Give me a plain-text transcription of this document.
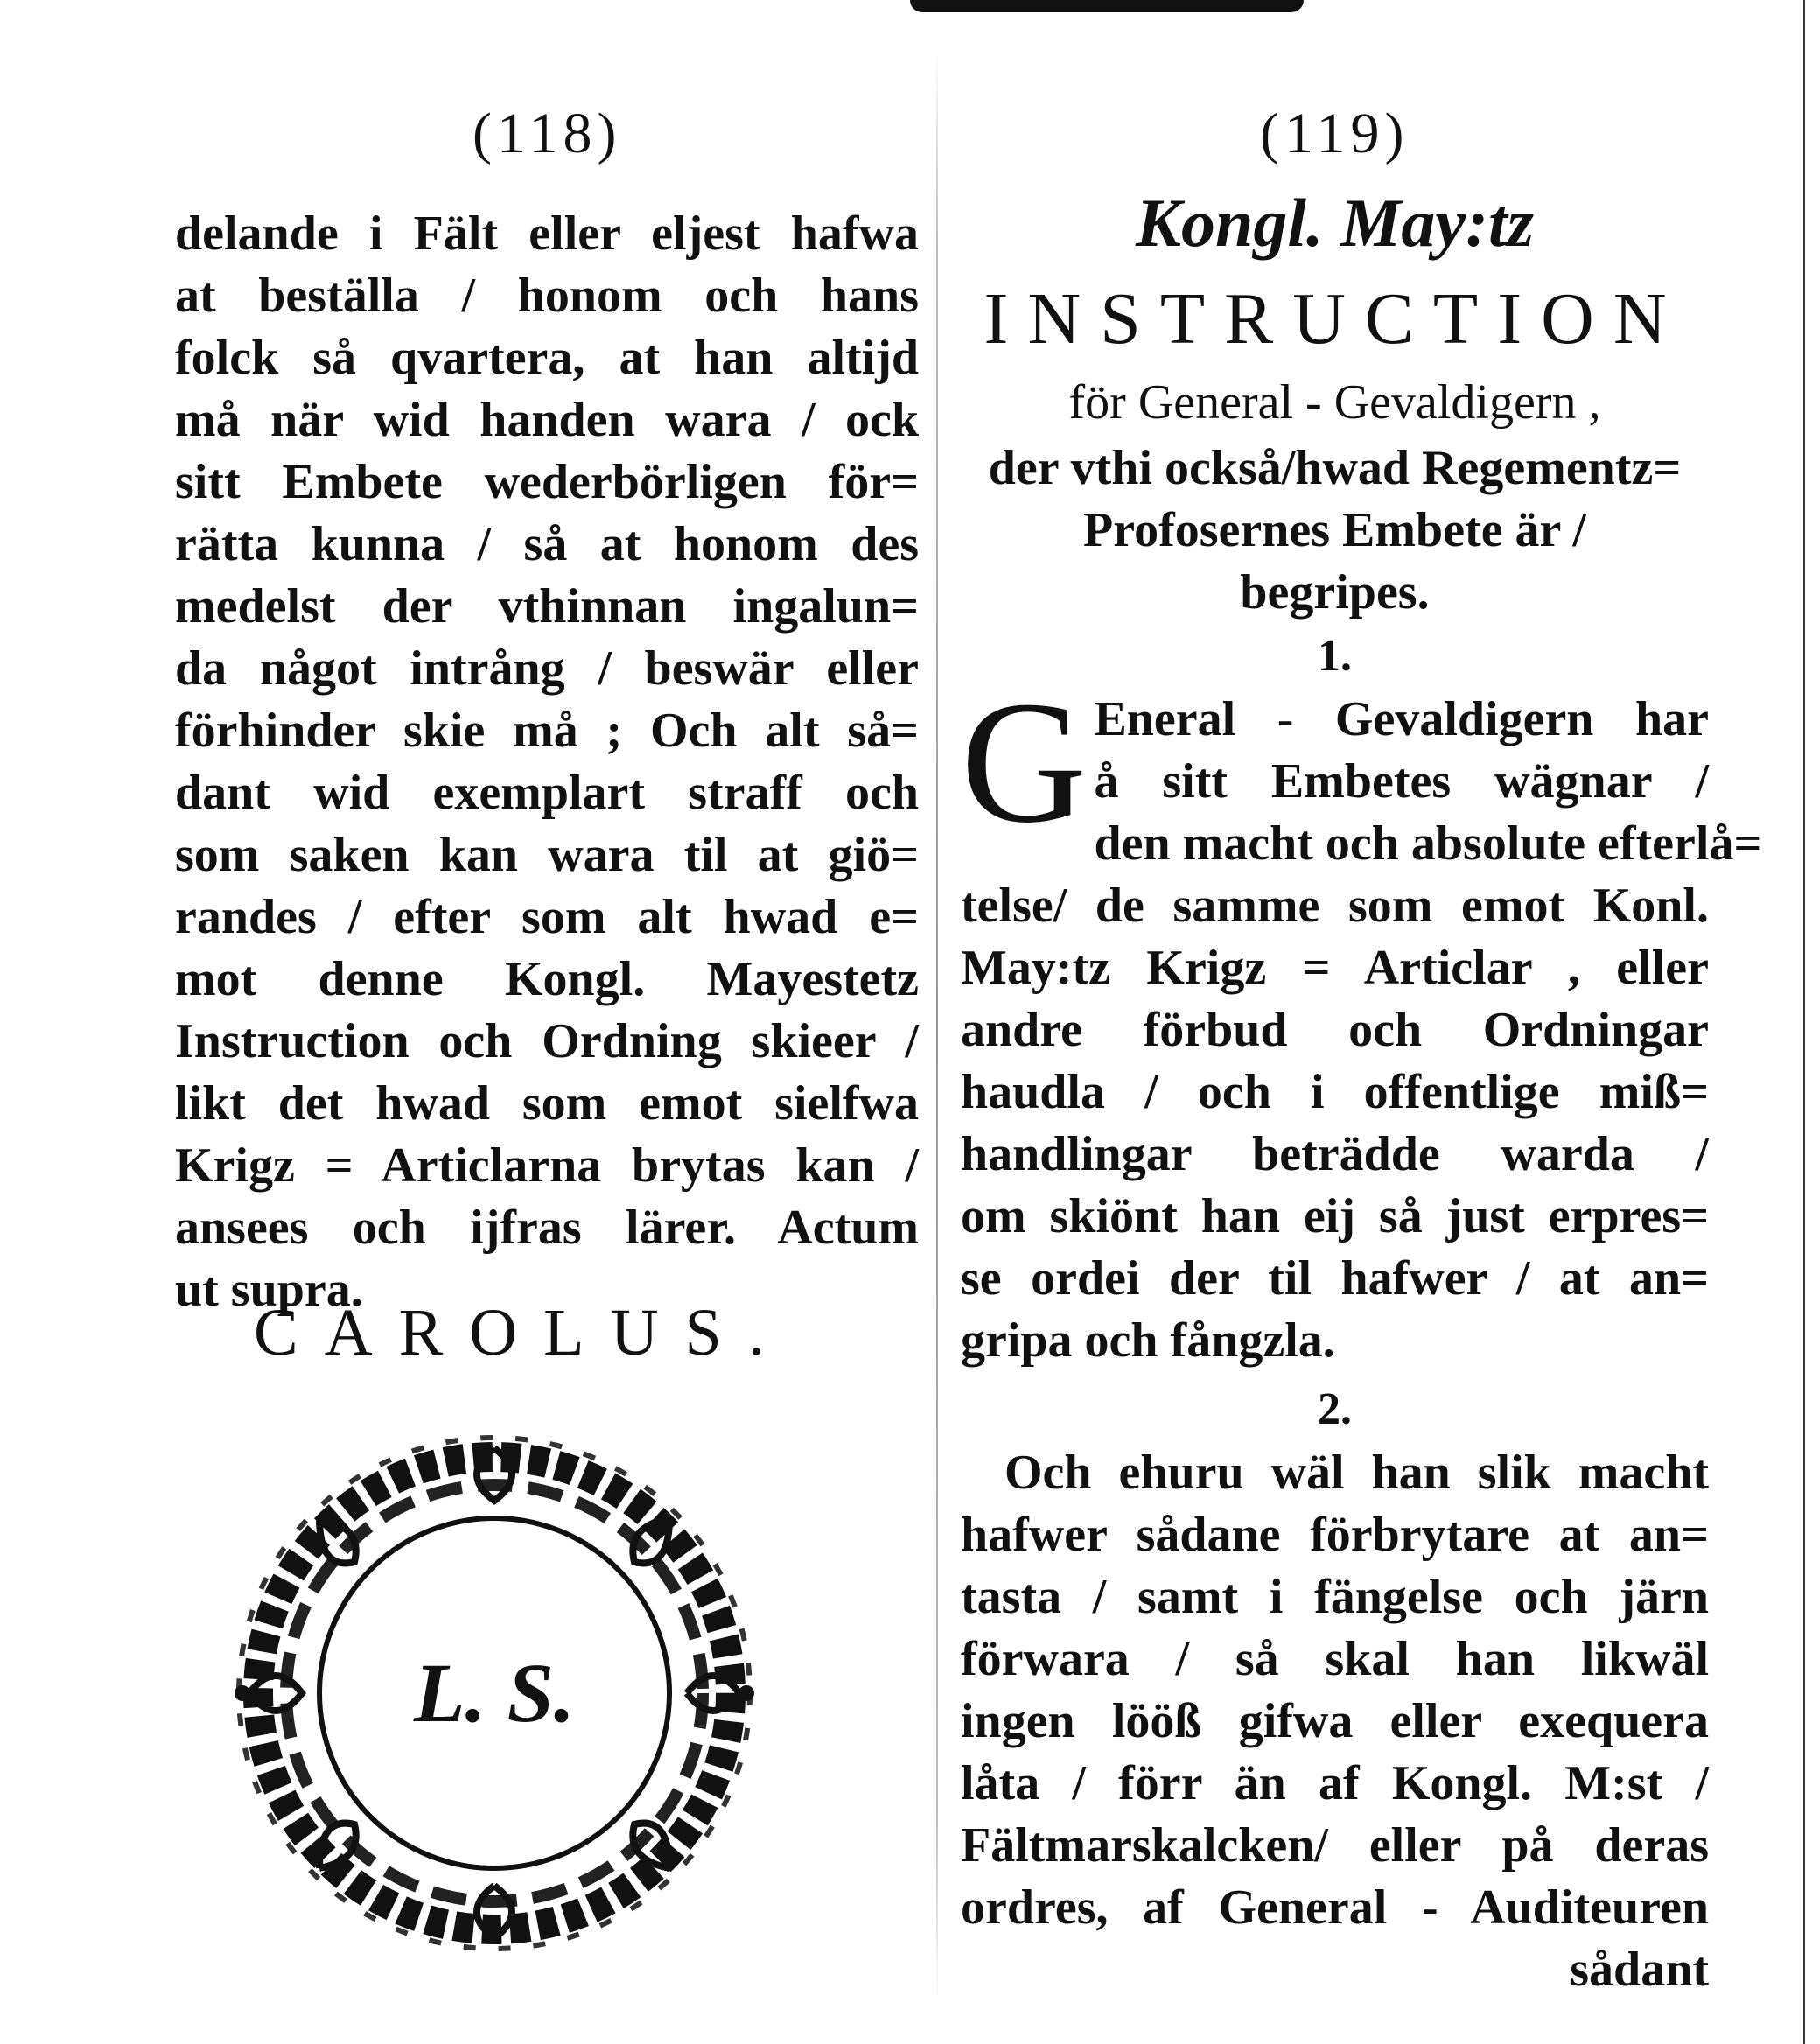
(118)
delande i Fält eller eljest hafwa
at beställa / honom och hans
folck så qvartera, at han altijd
må när wid handen wara / ock
sitt Embete wederbörligen för=
rätta kunna / så at honom des
medelst der vthinnan ingalun=
da något intrång / beswär eller
förhinder skie må ; Och alt så=
dant wid exemplart straff och
som saken kan wara til at giö=
randes / efter som alt hwad e=
mot denne Kongl. Mayestetz
Instruction och Ordning skieer /
likt det hwad som emot sielfwa
Krigz = Articlarna brytas kan /
ansees och ijfras lärer. Actum
ut supra.
CAROLUS.
L. S.
(119)
Kongl. May:tz
INSTRUCTION
för General - Gevaldigern ,
der vthi också/hwad Regementz=
Profosernes Embete är /
begripes.
1.
G Eneral - Gevaldigern har
å sitt Embetes wägnar /
den macht och absolute efterlå=
telse/ de samme som emot Konl.
May:tz Krigz = Articlar , eller
andre förbud och Ordningar
haudla / och i offentlige miß=
handlingar beträdde warda /
om skiönt han eij så just erpres=
se ordei der til hafwer / at an=
gripa och fångzla.
2.
Och ehuru wäl han slik macht
hafwer sådane förbrytare at an=
tasta / samt i fängelse och järn
förwara / så skal han likwäl
ingen lööß gifwa eller exequera
låta / förr än af Kongl. M:st /
Fältmarskalcken/ eller på deras
ordres, af General - Auditeuren
sådant
